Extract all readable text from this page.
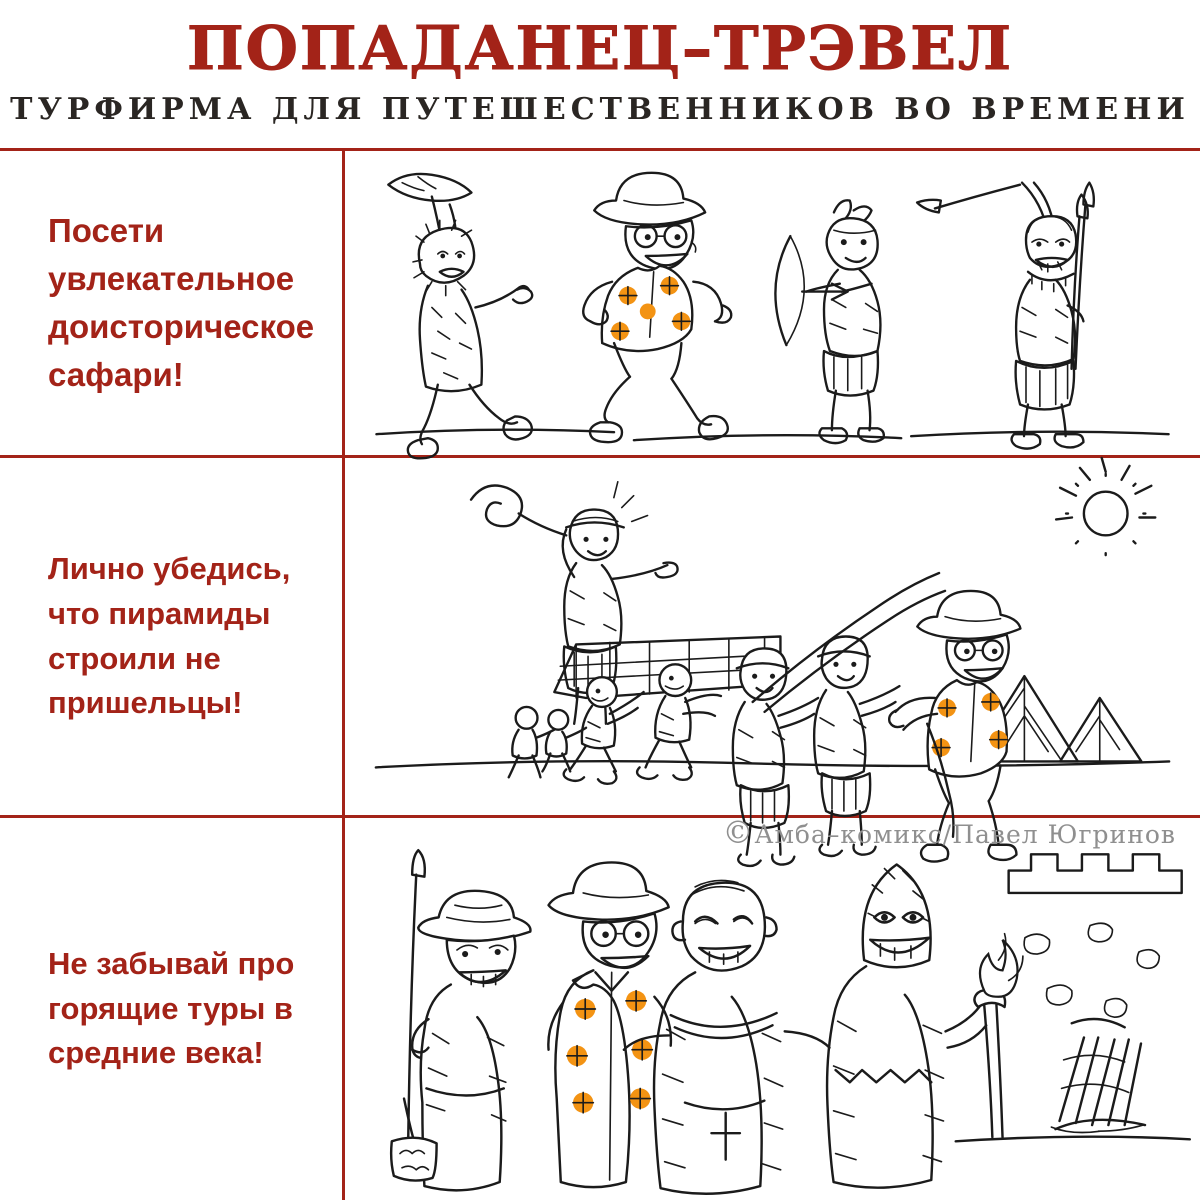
ПОПАДАНЕЦ–ТРЭВЕЛ
ТУРФИРМА ДЛЯ ПУТЕШЕСТВЕННИКОВ ВО ВРЕМЕНИ

Посети увлекательное доисторическое сафари!

Лично убедись, что пирамиды строили не пришельцы!

©Амба–комикс/Павел Югринов

Не забывай про горящие туры в средние века!
